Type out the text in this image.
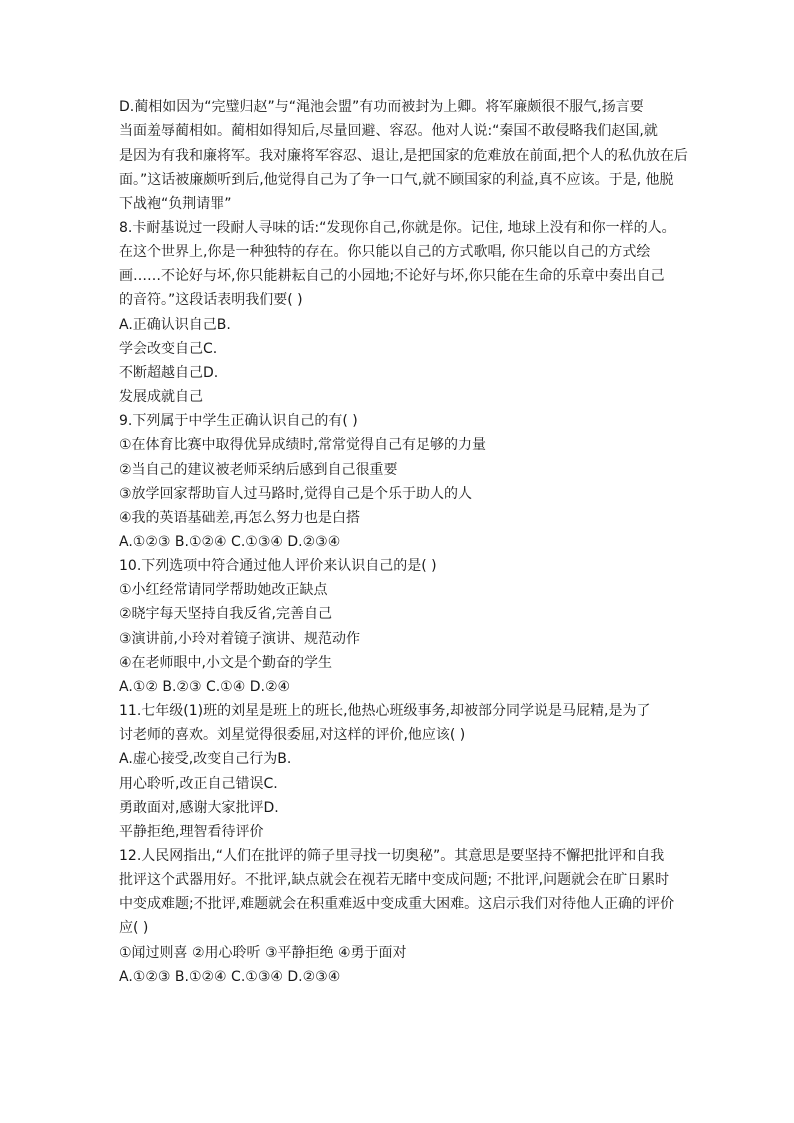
D.蔺相如因为“完璧归赵”与“渑池会盟”有功而被封为上卿。将军廉颇很不服气,扬言要
当面羞辱蔺相如。蔺相如得知后,尽量回避、容忍。他对人说:“秦国不敢侵略我们赵国,就
是因为有我和廉将军。我对廉将军容忍、退让,是把国家的危难放在前面,把个人的私仇放在后
面。”这话被廉颇听到后,他觉得自己为了争一口气,就不顾国家的利益,真不应该。于是, 他脱
下战袍“负荆请罪”
8.卡耐基说过一段耐人寻味的话:“发现你自己,你就是你。记住, 地球上没有和你一样的人。
在这个世界上,你是一种独特的存在。你只能以自己的方式歌唱, 你只能以自己的方式绘
画……不论好与坏,你只能耕耘自己的小园地;不论好与坏,你只能在生命的乐章中奏出自己
的音符。”这段话表明我们要( )
A.正确认识自己B.
学会改变自己C.
不断超越自己D.
发展成就自己
9.下列属于中学生正确认识自己的有( )
①在体育比赛中取得优异成绩时,常常觉得自己有足够的力量
②当自己的建议被老师采纳后感到自己很重要
③放学回家帮助盲人过马路时,觉得自己是个乐于助人的人
④我的英语基础差,再怎么努力也是白搭
A.①②③ B.①②④ C.①③④ D.②③④
10.下列选项中符合通过他人评价来认识自己的是( )
①小红经常请同学帮助她改正缺点
②晓宇每天坚持自我反省,完善自己
③演讲前,小玲对着镜子演讲、规范动作
④在老师眼中,小文是个勤奋的学生
A.①② B.②③ C.①④ D.②④
11.七年级(1)班的刘星是班上的班长,他热心班级事务,却被部分同学说是马屁精,是为了
讨老师的喜欢。刘星觉得很委屈,对这样的评价,他应该( )
A.虚心接受,改变自己行为B.
用心聆听,改正自己错误C.
勇敢面对,感谢大家批评D.
平静拒绝,理智看待评价
12.人民网指出,“人们在批评的筛子里寻找一切奥秘”。其意思是要坚持不懈把批评和自我
批评这个武器用好。不批评,缺点就会在视若无睹中变成问题; 不批评,问题就会在旷日累时
中变成难题;不批评,难题就会在积重难返中变成重大困难。这启示我们对待他人正确的评价
应( )
①闻过则喜 ②用心聆听 ③平静拒绝 ④勇于面对
A.①②③ B.①②④ C.①③④ D.②③④
